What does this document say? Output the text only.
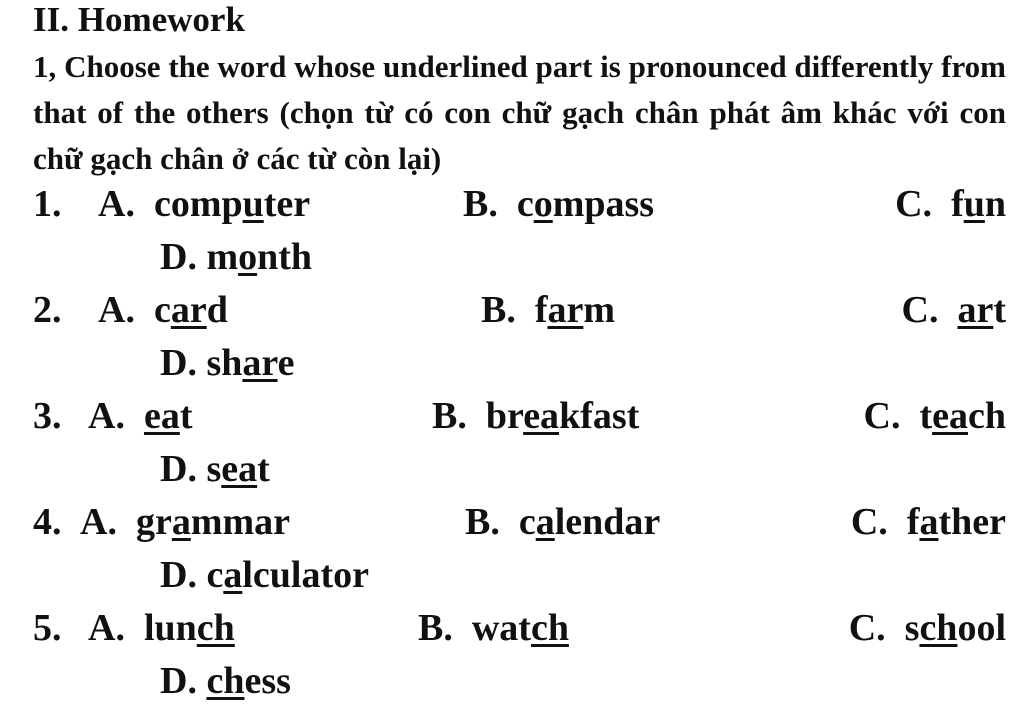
II. Homework
1, Choose the word whose underlined part is pronounced differently from that of the others (chọn từ có con chữ gạch chân phát âm khác với con chữ gạch chân ở các từ còn lại)
1. A. computer	B. compass	C. fun
D. month
2. A. card	B. farm	C. art
D. share
3. A. eat	B. breakfast	C. teach
D. seat
4. A. grammar	B. calendar	C. father
D. calculator
5. A. lunch	B. watch	C. school
D. chess
